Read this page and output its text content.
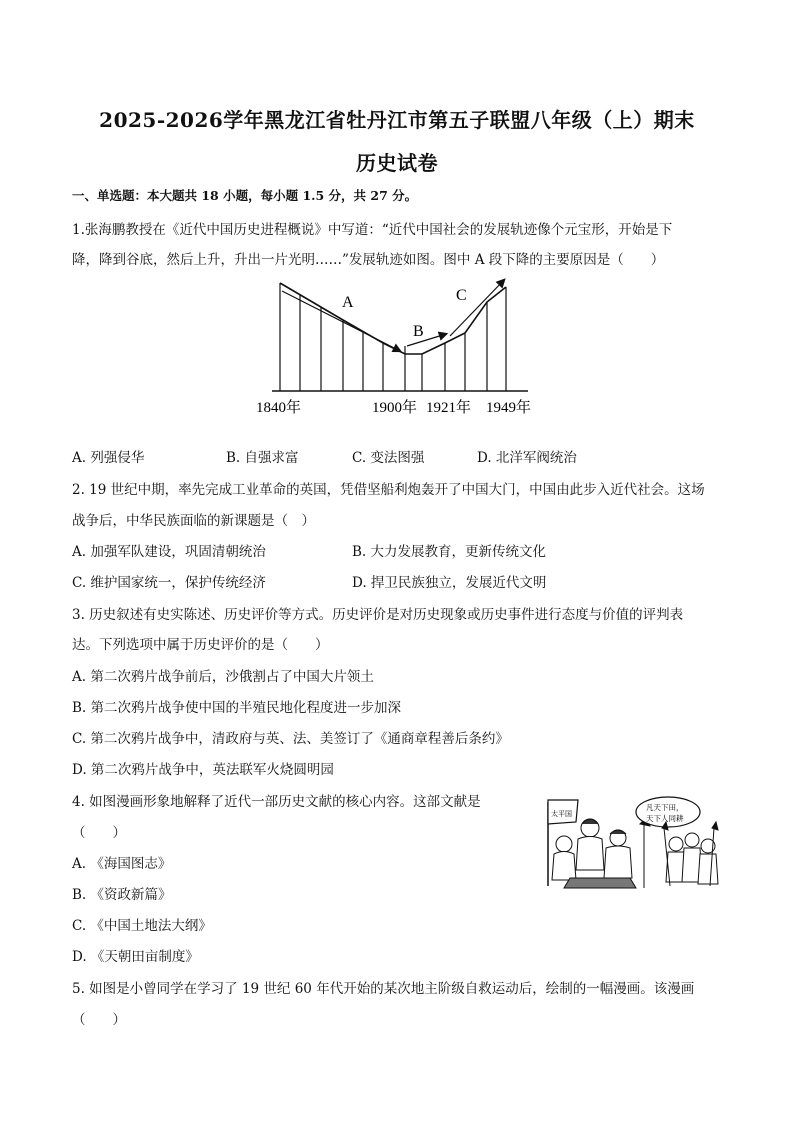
2025-2026学年黑龙江省牡丹江市第五子联盟八年级（上）期末
历史试卷
一、单选题：本大题共 18 小题，每小题 1.5 分，共 27 分。
1.张海鹏教授在《近代中国历史进程概说》中写道：“近代中国社会的发展轨迹像个元宝形，开始是下
降，降到谷底，然后上升，升出一片光明……”发展轨迹如图。图中 A 段下降的主要原因是（　　）
A
B
C
1840年	1900年 1921年 1949年
A. 列强侵华	B. 自强求富	C. 变法图强	D. 北洋军阀统治
2. 19 世纪中期，率先完成工业革命的英国，凭借坚船利炮轰开了中国大门，中国由此步入近代社会。这场
战争后，中华民族面临的新课题是（　）
A. 加强军队建设，巩固清朝统治	B. 大力发展教育，更新传统文化
C. 维护国家统一，保护传统经济	D. 捍卫民族独立，发展近代文明
3. 历史叙述有史实陈述、历史评价等方式。历史评价是对历史现象或历史事件进行态度与价值的评判表
达。下列选项中属于历史评价的是（　　）
A. 第二次鸦片战争前后，沙俄割占了中国大片领土
B. 第二次鸦片战争使中国的半殖民地化程度进一步加深
C. 第二次鸦片战争中，清政府与英、法、美签订了《通商章程善后条约》
D. 第二次鸦片战争中，英法联军火烧圆明园
4. 如图漫画形象地解释了近代一部历史文献的核心内容。这部文献是
（　　）
太平国
凡天下田，
天下人同耕
A. 《海国图志》
B. 《资政新篇》
C. 《中国土地法大纲》
D. 《天朝田亩制度》
5. 如图是小曾同学在学习了 19 世纪 60 年代开始的某次地主阶级自救运动后，绘制的一幅漫画。该漫画
（　　）
